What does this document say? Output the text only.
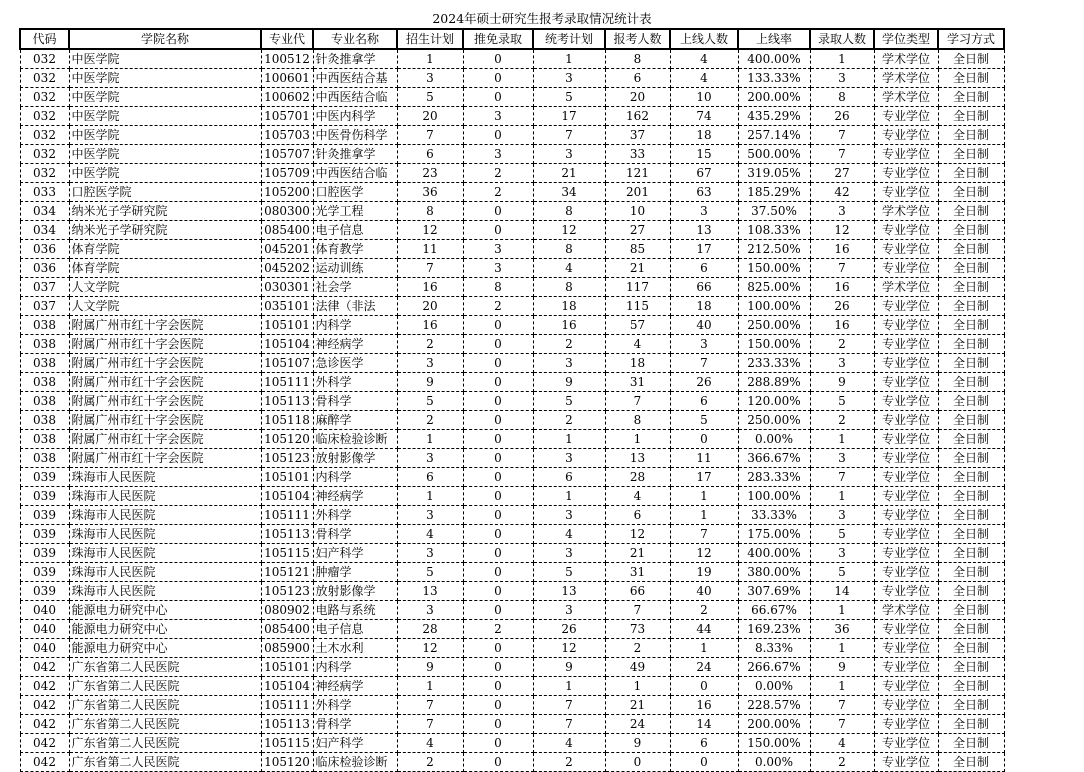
2024年硕士研究生报考录取情况统计表
代码	学院名称	专业代	专业名称	招生计划	推免录取	统考计划	报考人数	上线人数	上线率	录取人数	学位类型	学习方式
032	中医学院	100512	针灸推拿学	1	0	1	8	4	400.00%	1	学术学位	全日制
032	中医学院	100601	中西医结合基	3	0	3	6	4	133.33%	3	学术学位	全日制
032	中医学院	100602	中西医结合临	5	0	5	20	10	200.00%	8	学术学位	全日制
032	中医学院	105701	中医内科学	20	3	17	162	74	435.29%	26	专业学位	全日制
032	中医学院	105703	中医骨伤科学	7	0	7	37	18	257.14%	7	专业学位	全日制
032	中医学院	105707	针灸推拿学	6	3	3	33	15	500.00%	7	专业学位	全日制
032	中医学院	105709	中西医结合临	23	2	21	121	67	319.05%	27	专业学位	全日制
033	口腔医学院	105200	口腔医学	36	2	34	201	63	185.29%	42	专业学位	全日制
034	纳米光子学研究院	080300	光学工程	8	0	8	10	3	37.50%	3	学术学位	全日制
034	纳米光子学研究院	085400	电子信息	12	0	12	27	13	108.33%	12	专业学位	全日制
036	体育学院	045201	体育教学	11	3	8	85	17	212.50%	16	专业学位	全日制
036	体育学院	045202	运动训练	7	3	4	21	6	150.00%	7	专业学位	全日制
037	人文学院	030301	社会学	16	8	8	117	66	825.00%	16	学术学位	全日制
037	人文学院	035101	法律（非法	20	2	18	115	18	100.00%	26	专业学位	全日制
038	附属广州市红十字会医院	105101	内科学	16	0	16	57	40	250.00%	16	专业学位	全日制
038	附属广州市红十字会医院	105104	神经病学	2	0	2	4	3	150.00%	2	专业学位	全日制
038	附属广州市红十字会医院	105107	急诊医学	3	0	3	18	7	233.33%	3	专业学位	全日制
038	附属广州市红十字会医院	105111	外科学	9	0	9	31	26	288.89%	9	专业学位	全日制
038	附属广州市红十字会医院	105113	骨科学	5	0	5	7	6	120.00%	5	专业学位	全日制
038	附属广州市红十字会医院	105118	麻醉学	2	0	2	8	5	250.00%	2	专业学位	全日制
038	附属广州市红十字会医院	105120	临床检验诊断	1	0	1	1	0	0.00%	1	专业学位	全日制
038	附属广州市红十字会医院	105123	放射影像学	3	0	3	13	11	366.67%	3	专业学位	全日制
039	珠海市人民医院	105101	内科学	6	0	6	28	17	283.33%	7	专业学位	全日制
039	珠海市人民医院	105104	神经病学	1	0	1	4	1	100.00%	1	专业学位	全日制
039	珠海市人民医院	105111	外科学	3	0	3	6	1	33.33%	3	专业学位	全日制
039	珠海市人民医院	105113	骨科学	4	0	4	12	7	175.00%	5	专业学位	全日制
039	珠海市人民医院	105115	妇产科学	3	0	3	21	12	400.00%	3	专业学位	全日制
039	珠海市人民医院	105121	肿瘤学	5	0	5	31	19	380.00%	5	专业学位	全日制
039	珠海市人民医院	105123	放射影像学	13	0	13	66	40	307.69%	14	专业学位	全日制
040	能源电力研究中心	080902	电路与系统	3	0	3	7	2	66.67%	1	学术学位	全日制
040	能源电力研究中心	085400	电子信息	28	2	26	73	44	169.23%	36	专业学位	全日制
040	能源电力研究中心	085900	土木水利	12	0	12	2	1	8.33%	1	专业学位	全日制
042	广东省第二人民医院	105101	内科学	9	0	9	49	24	266.67%	9	专业学位	全日制
042	广东省第二人民医院	105104	神经病学	1	0	1	1	0	0.00%	1	专业学位	全日制
042	广东省第二人民医院	105111	外科学	7	0	7	21	16	228.57%	7	专业学位	全日制
042	广东省第二人民医院	105113	骨科学	7	0	7	24	14	200.00%	7	专业学位	全日制
042	广东省第二人民医院	105115	妇产科学	4	0	4	9	6	150.00%	4	专业学位	全日制
042	广东省第二人民医院	105120	临床检验诊断	2	0	2	0	0	0.00%	2	专业学位	全日制
